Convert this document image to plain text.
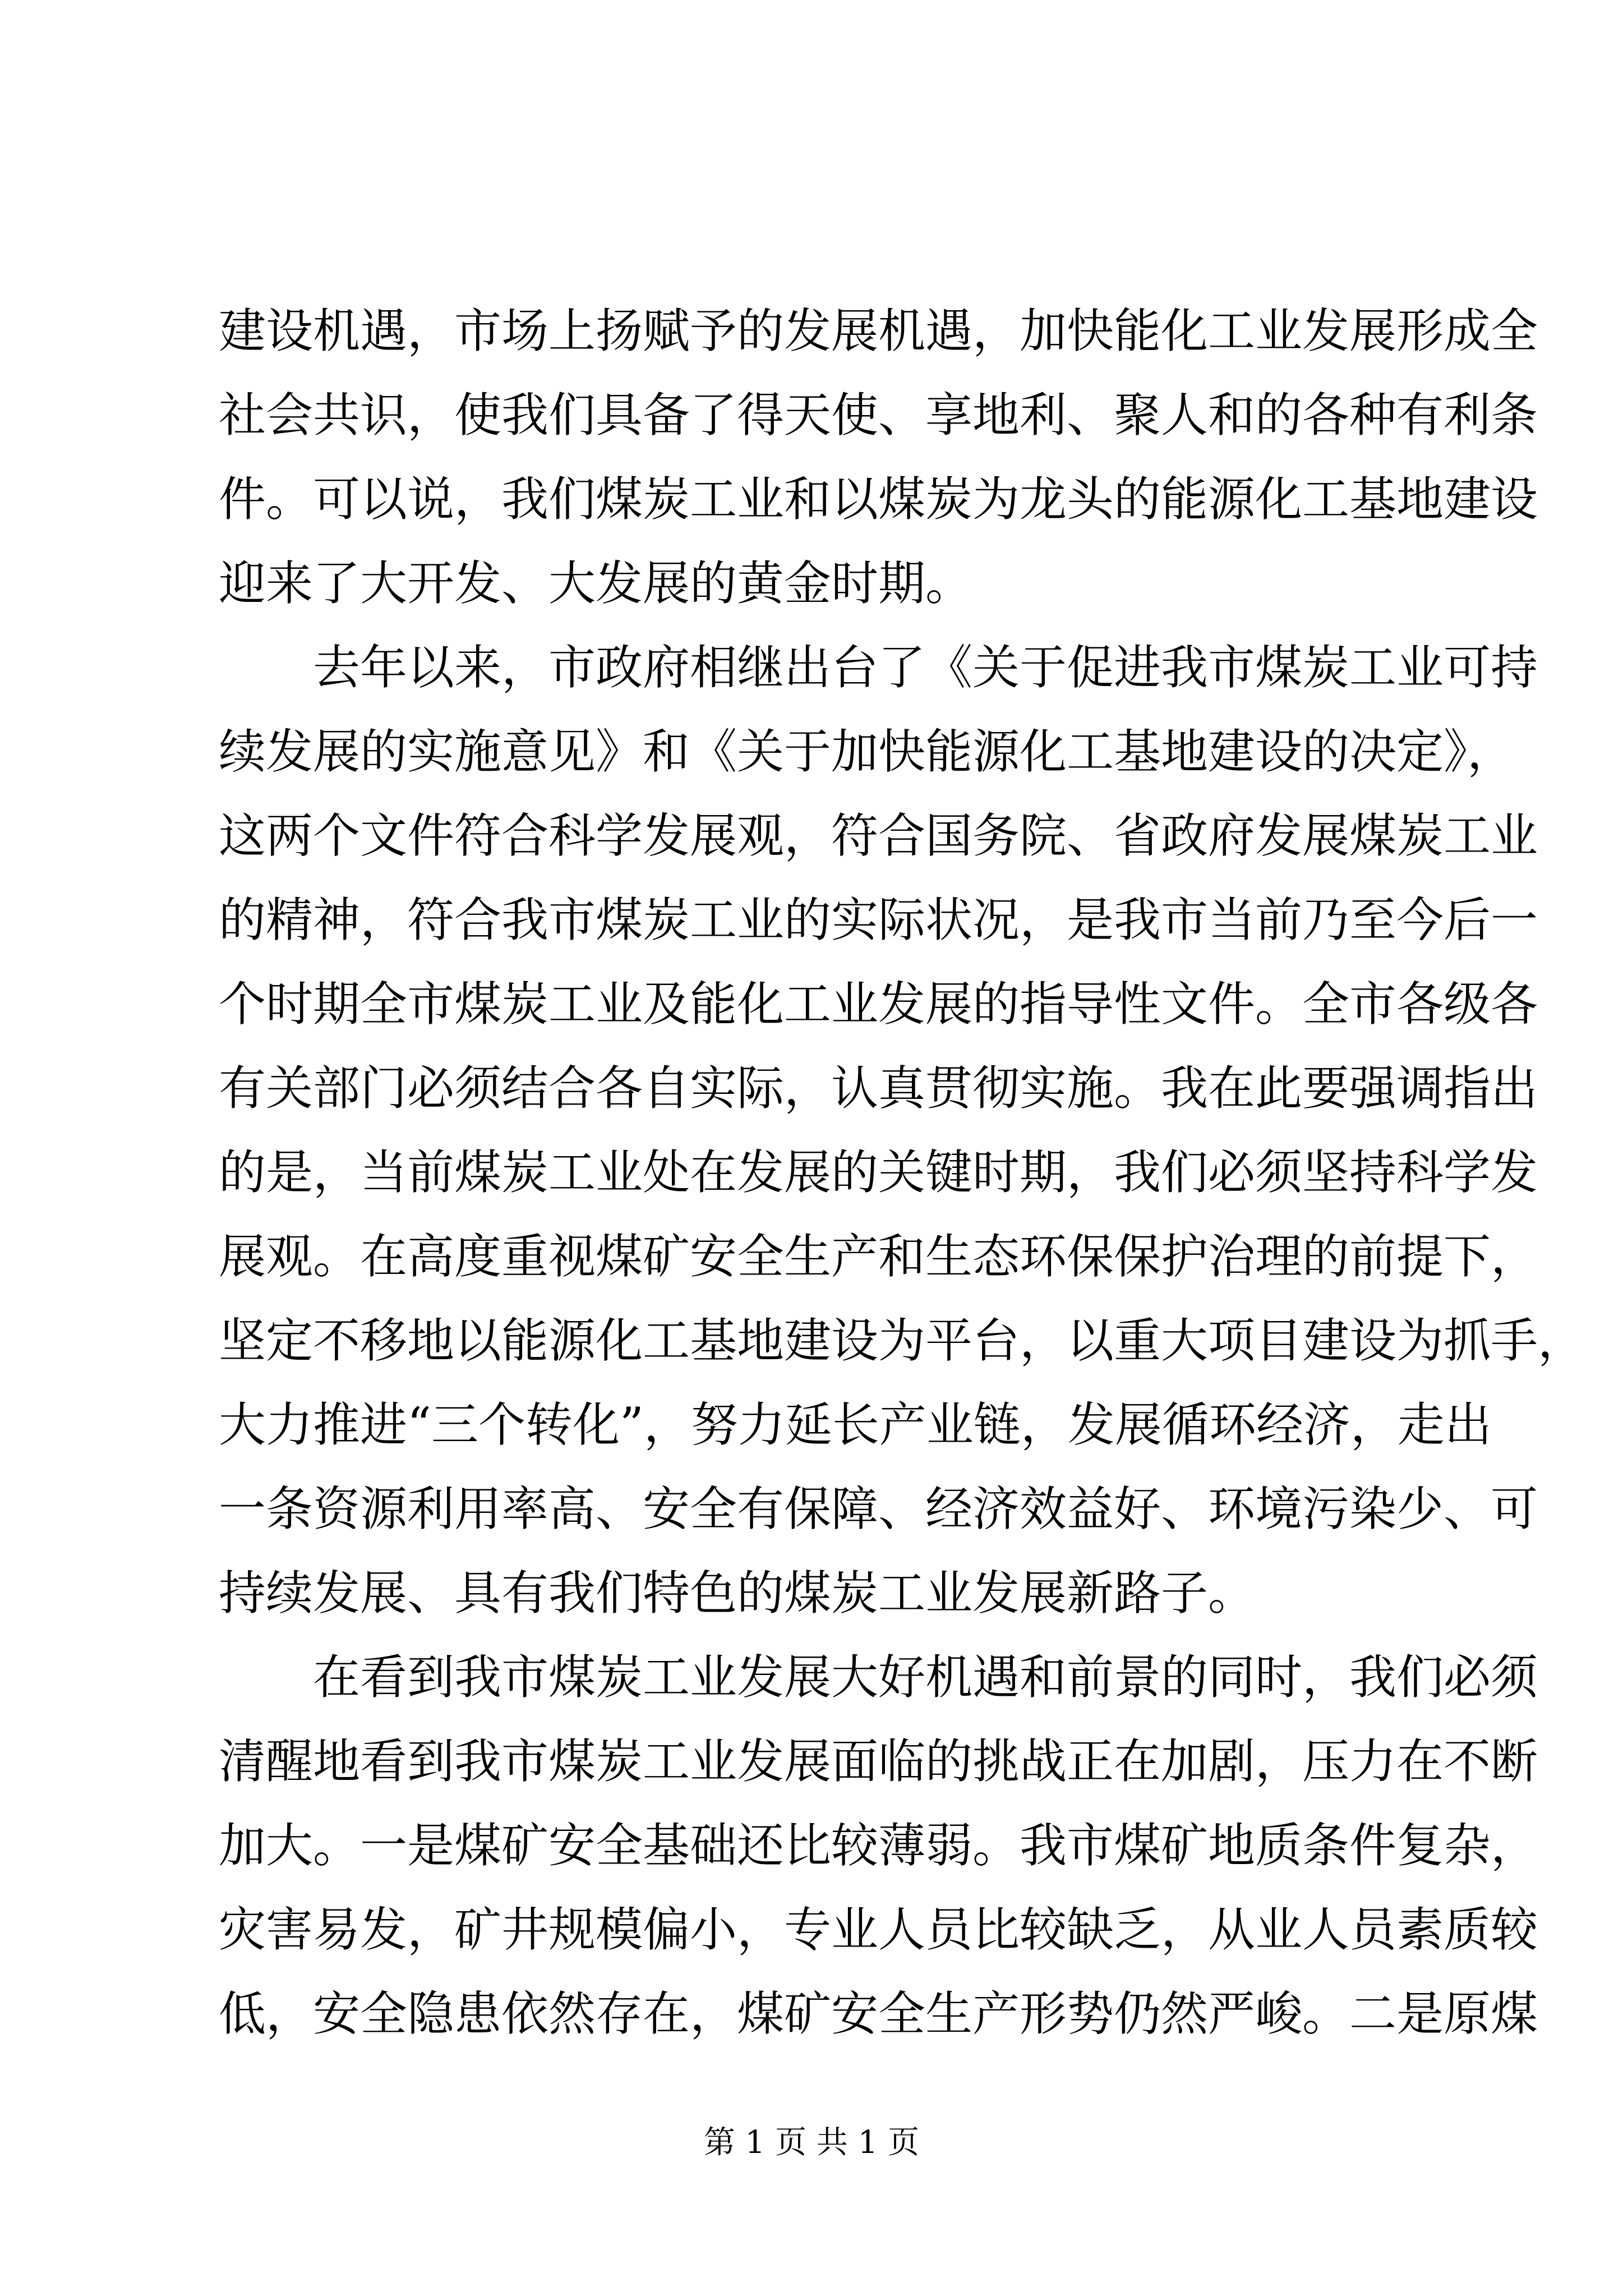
建设机遇，市场上扬赋予的发展机遇，加快能化工业发展形成全
社会共识，使我们具备了得天使、享地利、聚人和的各种有利条
件。可以说，我们煤炭工业和以煤炭为龙头的能源化工基地建设
迎来了大开发、大发展的黄金时期。
去年以来，市政府相继出台了《关于促进我市煤炭工业可持
续发展的实施意见》和《关于加快能源化工基地建设的决定》，
这两个文件符合科学发展观，符合国务院、省政府发展煤炭工业
的精神，符合我市煤炭工业的实际状况，是我市当前乃至今后一
个时期全市煤炭工业及能化工业发展的指导性文件。全市各级各
有关部门必须结合各自实际，认真贯彻实施。我在此要强调指出
的是，当前煤炭工业处在发展的关键时期，我们必须坚持科学发
展观。在高度重视煤矿安全生产和生态环保保护治理的前提下，
坚定不移地以能源化工基地建设为平台，以重大项目建设为抓手，
大力推进“三个转化”，努力延长产业链，发展循环经济，走出
一条资源利用率高、安全有保障、经济效益好、环境污染少、可
持续发展、具有我们特色的煤炭工业发展新路子。
在看到我市煤炭工业发展大好机遇和前景的同时，我们必须
清醒地看到我市煤炭工业发展面临的挑战正在加剧，压力在不断
加大。一是煤矿安全基础还比较薄弱。我市煤矿地质条件复杂，
灾害易发，矿井规模偏小，专业人员比较缺乏，从业人员素质较
低，安全隐患依然存在，煤矿安全生产形势仍然严峻。二是原煤
第 1 页 共 1 页
